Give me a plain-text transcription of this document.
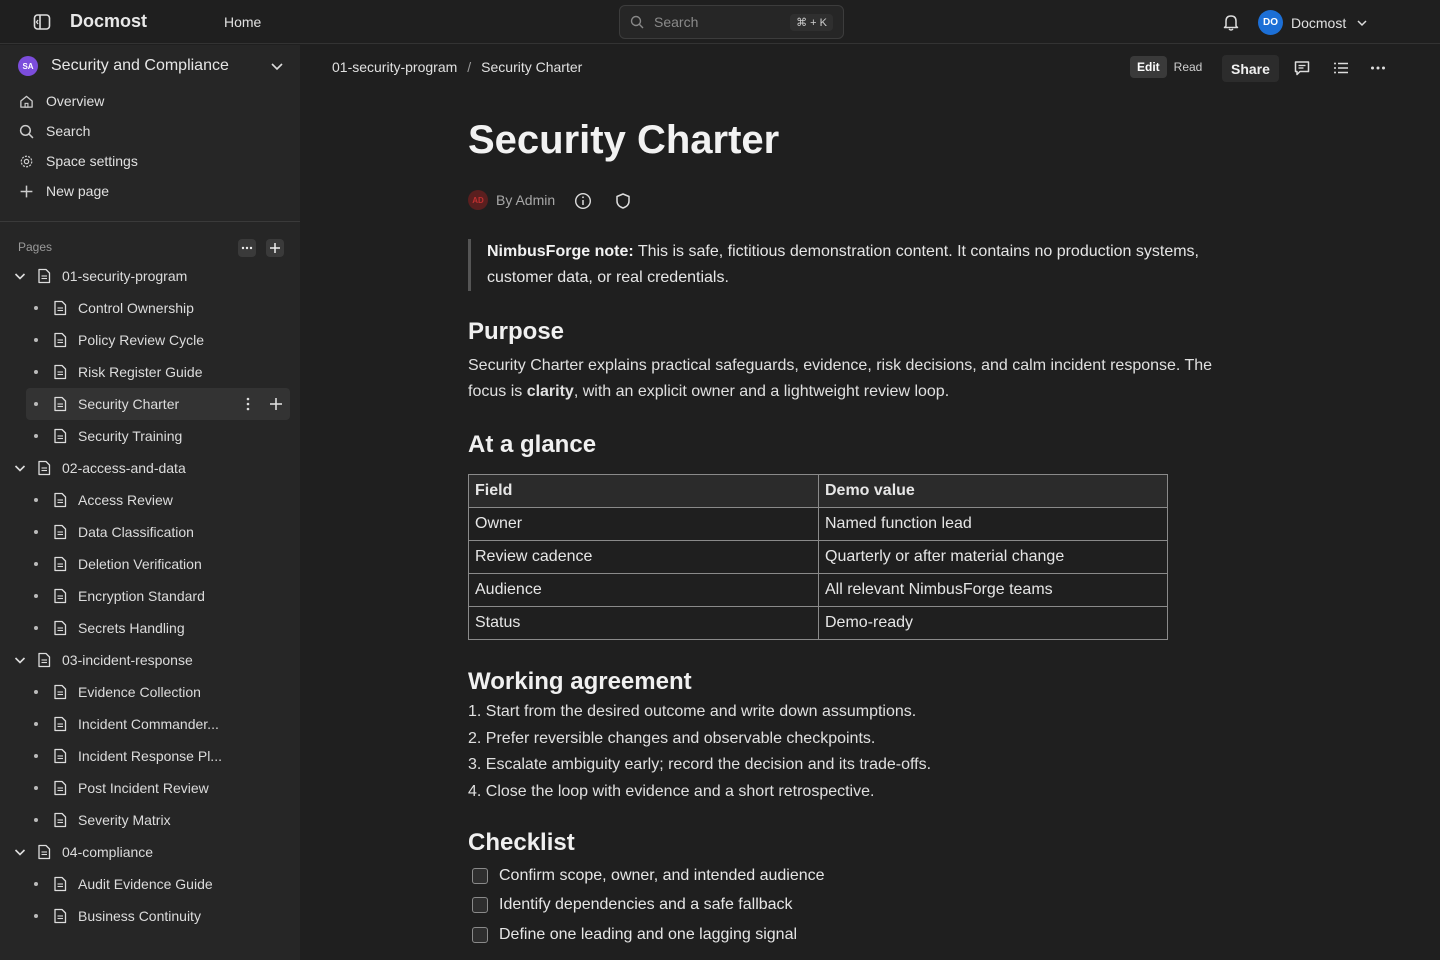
Docmost	Home	Search	⌘ + K	DO Docmost
SA Security and Compliance
Overview
Search
Space settings
New page
Pages
01-security-program
Control Ownership
Policy Review Cycle
Risk Register Guide
Security Charter
Security Training
02-access-and-data
Access Review
Data Classification
Deletion Verification
Encryption Standard
Secrets Handling
03-incident-response
Evidence Collection
Incident Commander...
Incident Response Pl...
Post Incident Review
Severity Matrix
04-compliance
Audit Evidence Guide
Business Continuity
01-security-program / Security Charter	Edit	Read	Share
Security Charter
AD By Admin
NimbusForge note: This is safe, fictitious demonstration content. It contains no production systems, customer data, or real credentials.
Purpose
Security Charter explains practical safeguards, evidence, risk decisions, and calm incident response. The focus is clarity, with an explicit owner and a lightweight review loop.
At a glance
Field	Demo value
Owner	Named function lead
Review cadence	Quarterly or after material change
Audience	All relevant NimbusForge teams
Status	Demo-ready
Working agreement
1. Start from the desired outcome and write down assumptions.
2. Prefer reversible changes and observable checkpoints.
3. Escalate ambiguity early; record the decision and its trade-offs.
4. Close the loop with evidence and a short retrospective.
Checklist
Confirm scope, owner, and intended audience
Identify dependencies and a safe fallback
Define one leading and one lagging signal
